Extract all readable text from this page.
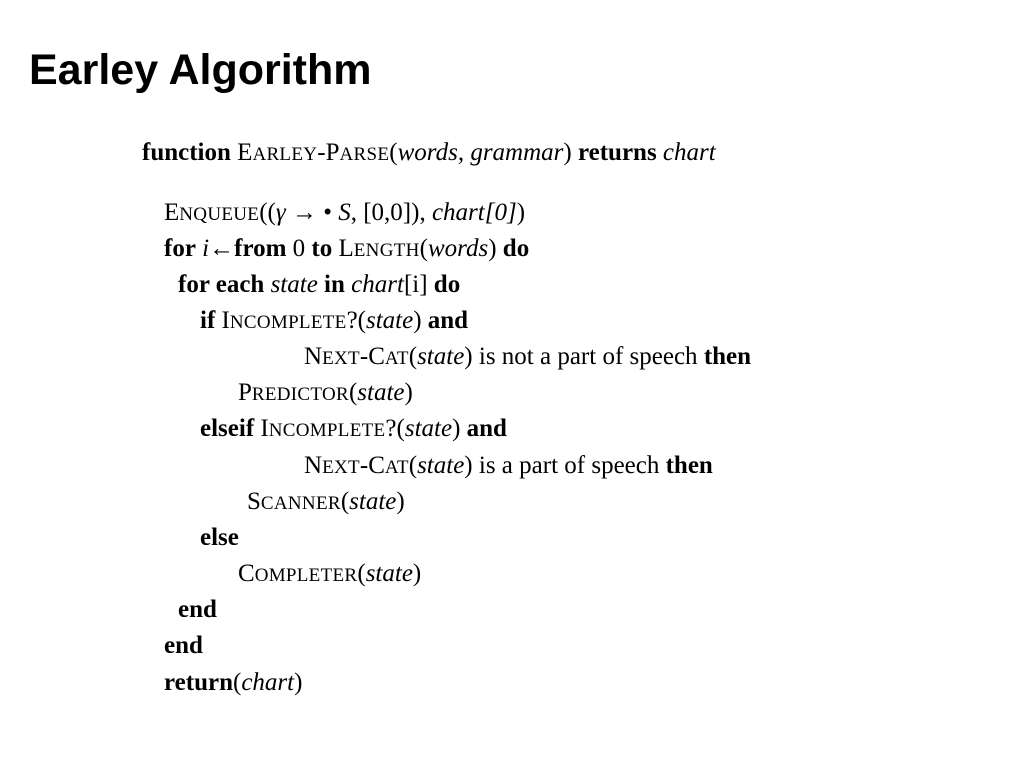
Earley Algorithm
function EARLEY-PARSE(words, grammar) returns chart
ENQUEUE((γ → • S, [0,0]), chart[0])
for i←from 0 to LENGTH(words) do
for each state in chart[i] do
if INCOMPLETE?(state) and
NEXT-CAT(state) is not a part of speech then
PREDICTOR(state)
elseif INCOMPLETE?(state) and
NEXT-CAT(state) is a part of speech then
SCANNER(state)
else
COMPLETER(state)
end
end
return(chart)
